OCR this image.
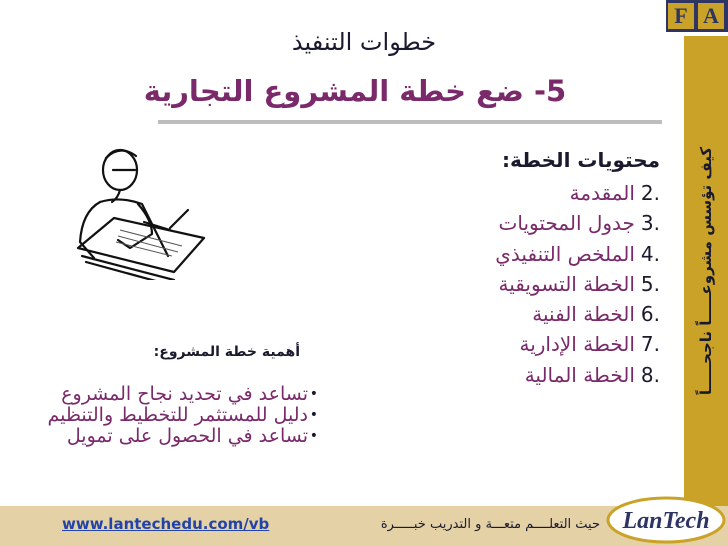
F A
كيف تؤسس مشروعـــــاً ناجحـــــاً
خطوات التنفيذ
5- ضع خطة المشروع التجارية
محتويات الخطة:
.2المقدمة
.3جدول المحتويات
.4الملخص التنفيذي
.5الخطة التسويقية
.6الخطة الفنية
.7الخطة الإدارية
.8الخطة المالية
أهمية خطة المشروع:
• تساعد في تحديد نجاح المشروع
• دليل للمستثمر للتخطيط والتنظيم
• تساعد في الحصول على تمويل
www.lantechedu.com/vb	حيث التعلــــم متعـــة و التدريب خبـــــرة LanTech
